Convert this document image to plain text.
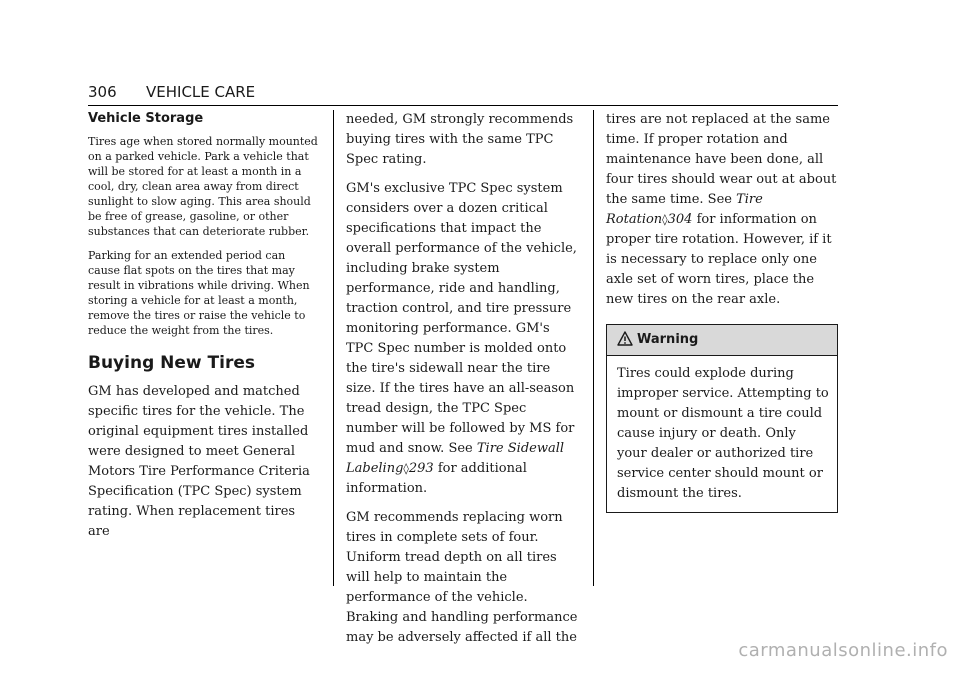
306 VEHICLE CARE
Vehicle Storage

Tires age when stored normally mounted on a parked vehicle. Park a vehicle that will be stored for at least a month in a cool, dry, clean area away from direct sunlight to slow aging. This area should be free of grease, gasoline, or other substances that can deteriorate rubber.

Parking for an extended period can cause flat spots on the tires that may result in vibrations while driving. When storing a vehicle for at least a month, remove the tires or raise the vehicle to reduce the weight from the tires.

Buying New Tires

GM has developed and matched specific tires for the vehicle. The original equipment tires installed were designed to meet General Motors Tire Performance Criteria Specification (TPC Spec) system rating. When replacement tires are

needed, GM strongly recommends buying tires with the same TPC Spec rating.

GM's exclusive TPC Spec system considers over a dozen critical specifications that impact the overall performance of the vehicle, including brake system performance, ride and handling, traction control, and tire pressure monitoring performance. GM's TPC Spec number is molded onto the tire's sidewall near the tire size. If the tires have an all-season tread design, the TPC Spec number will be followed by MS for mud and snow. See Tire Sidewall Labeling◊293 for additional information.

GM recommends replacing worn tires in complete sets of four. Uniform tread depth on all tires will help to maintain the performance of the vehicle. Braking and handling performance may be adversely affected if all the

tires are not replaced at the same time. If proper rotation and maintenance have been done, all four tires should wear out at about the same time. See Tire Rotation◊304 for information on proper tire rotation. However, if it is necessary to replace only one axle set of worn tires, place the new tires on the rear axle.

Warning
Tires could explode during improper service. Attempting to mount or dismount a tire could cause injury or death. Only your dealer or authorized tire service center should mount or dismount the tires.
carmanualsonline.info
